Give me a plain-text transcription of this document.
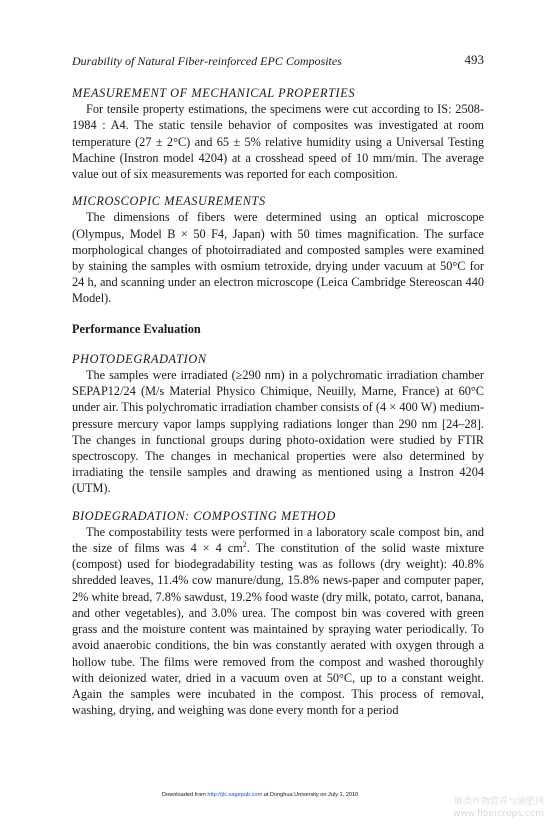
Durability of Natural Fiber-reinforced EPC Composites	493

MEASUREMENT OF MECHANICAL PROPERTIES

For tensile property estimations, the specimens were cut according to IS: 2508-1984 : A4. The static tensile behavior of composites was investigated at room temperature (27 ± 2°C) and 65 ± 5% relative humidity using a Universal Testing Machine (Instron model 4204) at a crosshead speed of 10 mm/min. The average value out of six measurements was reported for each composition.

MICROSCOPIC MEASUREMENTS

The dimensions of fibers were determined using an optical microscope (Olympus, Model B × 50 F4, Japan) with 50 times magnification. The surface morphological changes of photoirradiated and composted samples were examined by staining the samples with osmium tetroxide, drying under vacuum at 50°C for 24 h, and scanning under an electron microscope (Leica Cambridge Stereoscan 440 Model).

Performance Evaluation

PHOTODEGRADATION

The samples were irradiated (≥290 nm) in a polychromatic irradiation chamber SEPAP12/24 (M/s Material Physico Chimique, Neuilly, Marne, France) at 60°C under air. This polychromatic irradiation chamber consists of (4 × 400 W) medium-pressure mercury vapor lamps supplying radiations longer than 290 nm [24–28]. The changes in functional groups during photo-oxidation were studied by FTIR spectroscopy. The changes in mechanical properties were also determined by irradiating the tensile samples and drawing as mentioned using a Instron 4204 (UTM).

BIODEGRADATION: COMPOSTING METHOD

The compostability tests were performed in a laboratory scale compost bin, and the size of films was 4 × 4 $cm^2$. The constitution of the solid waste mixture (compost) used for biodegradability testing was as follows (dry weight): 40.8% shredded leaves, 11.4% cow manure/dung, 15.8% news-paper and computer paper, 2% white bread, 7.8% sawdust, 19.2% food waste (dry milk, potato, carrot, banana, and other vegetables), and 3.0% urea. The compost bin was covered with green grass and the moisture content was maintained by spraying water periodically. To avoid anaerobic conditions, the bin was constantly aerated with oxygen through a hollow tube. The films were removed from the compost and washed thoroughly with deionized water, dried in a vacuum oven at 50°C, up to a constant weight. Again the samples were incubated in the compost. This process of removal, washing, drying, and weighing was done every month for a period

Downloaded from http://jtc.sagepub.com at Donghua University on July 1, 2010
麻类作物营养与施肥网
www.fibercrops.com
